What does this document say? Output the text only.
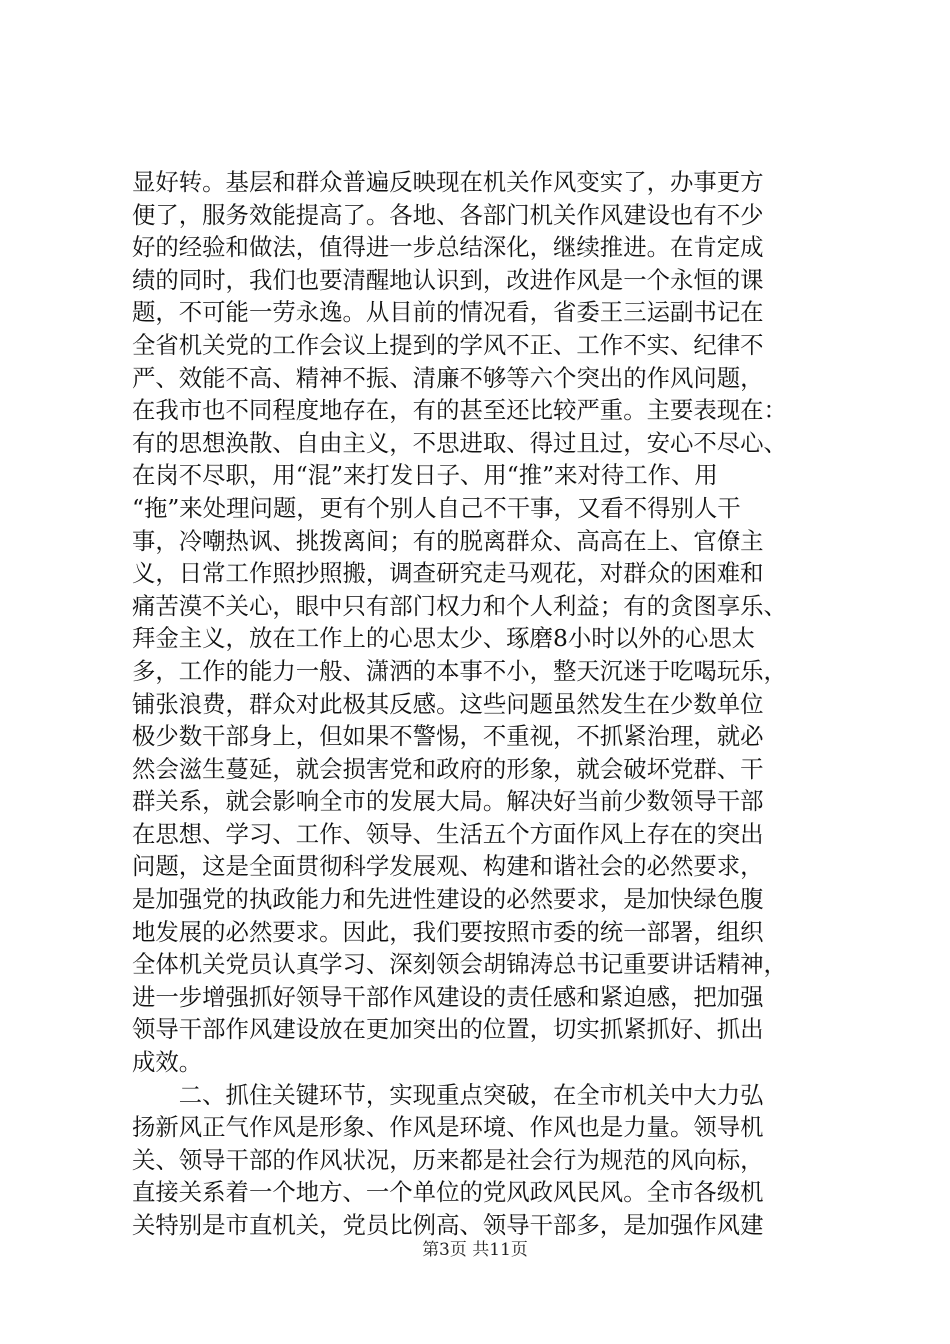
显好转。基层和群众普遍反映现在机关作风变实了，办事更方
便了，服务效能提高了。各地、各部门机关作风建设也有不少
好的经验和做法，值得进一步总结深化，继续推进。在肯定成
绩的同时，我们也要清醒地认识到，改进作风是一个永恒的课
题，不可能一劳永逸。从目前的情况看，省委王三运副书记在
全省机关党的工作会议上提到的学风不正、工作不实、纪律不
严、效能不高、精神不振、清廉不够等六个突出的作风问题，
在我市也不同程度地存在，有的甚至还比较严重。主要表现在：
有的思想涣散、自由主义，不思进取、得过且过，安心不尽心、
在岗不尽职，用“混”来打发日子、用“推”来对待工作、用
“拖”来处理问题，更有个别人自己不干事，又看不得别人干
事，冷嘲热讽、挑拨离间；有的脱离群众、高高在上、官僚主
义，日常工作照抄照搬，调查研究走马观花，对群众的困难和
痛苦漠不关心，眼中只有部门权力和个人利益；有的贪图享乐、
拜金主义，放在工作上的心思太少、琢磨8小时以外的心思太
多，工作的能力一般、潇洒的本事不小，整天沉迷于吃喝玩乐，
铺张浪费，群众对此极其反感。这些问题虽然发生在少数单位
极少数干部身上，但如果不警惕，不重视，不抓紧治理，就必
然会滋生蔓延，就会损害党和政府的形象，就会破坏党群、干
群关系，就会影响全市的发展大局。解决好当前少数领导干部
在思想、学习、工作、领导、生活五个方面作风上存在的突出
问题，这是全面贯彻科学发展观、构建和谐社会的必然要求，
是加强党的执政能力和先进性建设的必然要求，是加快绿色腹
地发展的必然要求。因此，我们要按照市委的统一部署，组织
全体机关党员认真学习、深刻领会胡锦涛总书记重要讲话精神，
进一步增强抓好领导干部作风建设的责任感和紧迫感，把加强
领导干部作风建设放在更加突出的位置，切实抓紧抓好、抓出
成效。
　　二、抓住关键环节，实现重点突破，在全市机关中大力弘
扬新风正气作风是形象、作风是环境、作风也是力量。领导机
关、领导干部的作风状况，历来都是社会行为规范的风向标，
直接关系着一个地方、一个单位的党风政风民风。全市各级机
关特别是市直机关，党员比例高、领导干部多，是加强作风建
第3页 共11页
